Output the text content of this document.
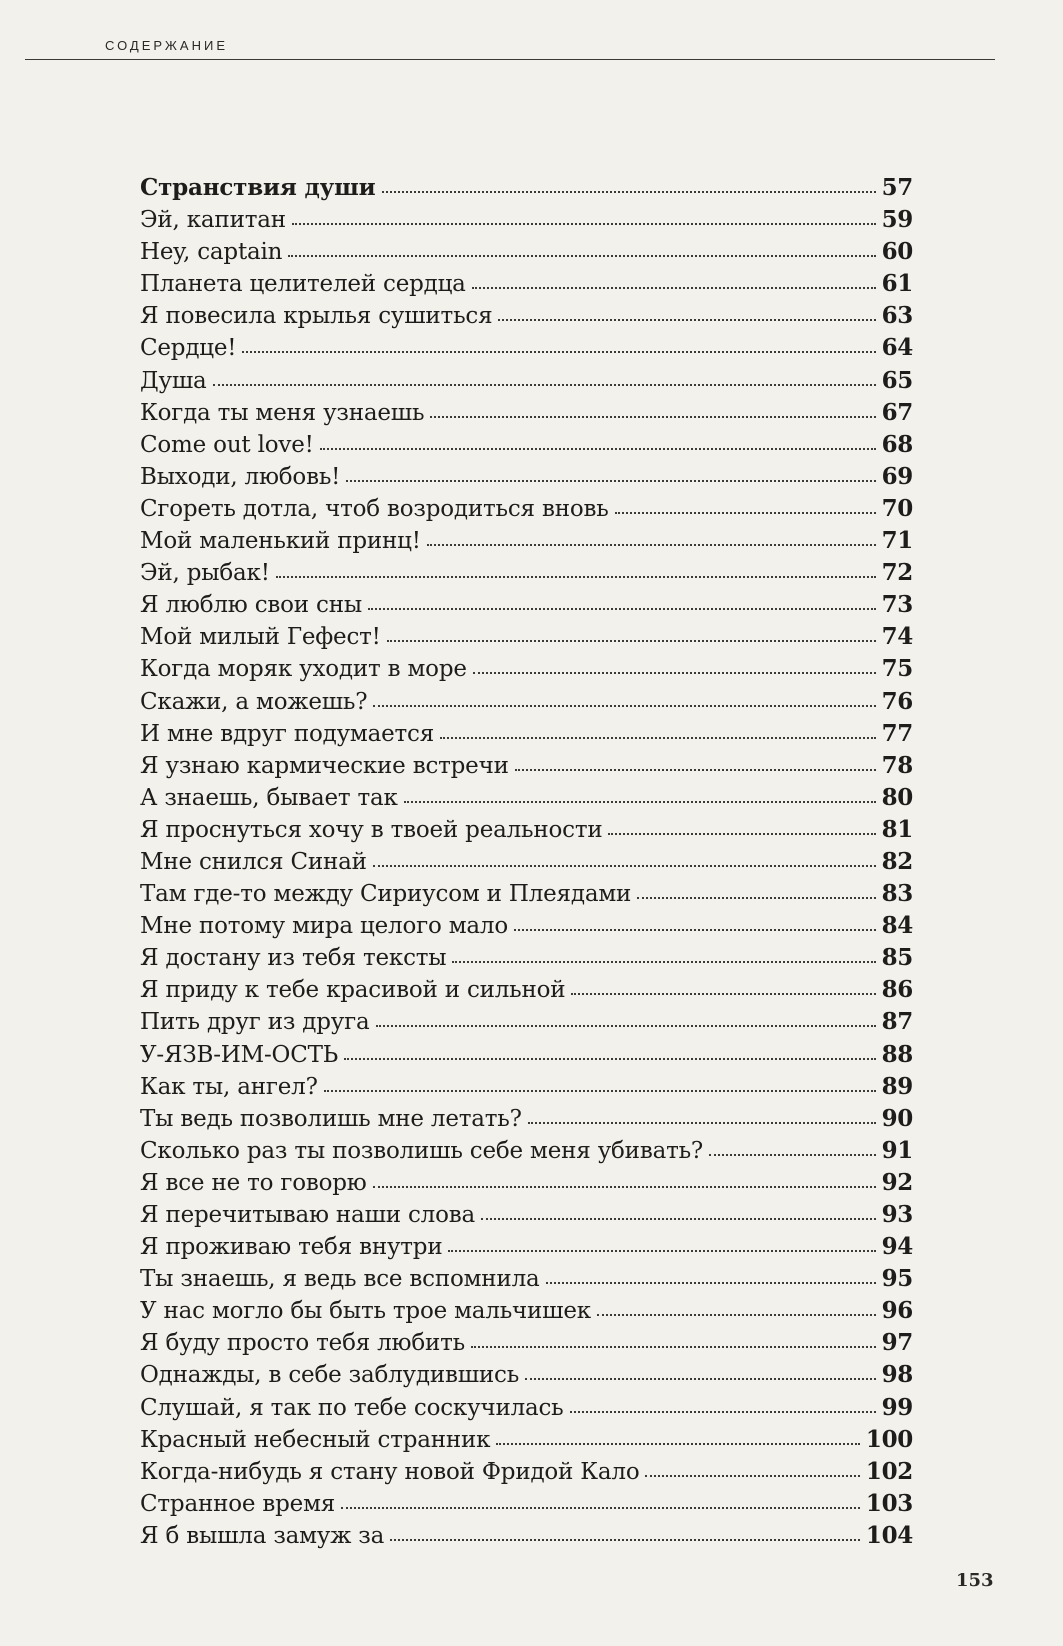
СОДЕРЖАНИЕ
Странствия души	57
Эй, капитан	59
Hey, captain	60
Планета целителей сердца	61
Я повесила крылья сушиться	63
Сердце!	64
Душа	65
Когда ты меня узнаешь	67
Come out love!	68
Выходи, любовь!	69
Сгореть дотла, чтоб возродиться вновь	70
Мой маленький принц!	71
Эй, рыбак!	72
Я люблю свои сны	73
Мой милый Гефест!	74
Когда моряк уходит в море	75
Скажи, а можешь?	76
И мне вдруг подумается	77
Я узнаю кармические встречи	78
А знаешь, бывает так	80
Я проснуться хочу в твоей реальности	81
Мне снился Синай	82
Там где-то между Сириусом и Плеядами	83
Мне потому мира целого мало	84
Я достану из тебя тексты	85
Я приду к тебе красивой и сильной	86
Пить друг из друга	87
У-ЯЗВ-ИМ-ОСТЬ	88
Как ты, ангел?	89
Ты ведь позволишь мне летать?	90
Сколько раз ты позволишь себе меня убивать?	91
Я все не то говорю	92
Я перечитываю наши слова	93
Я проживаю тебя внутри	94
Ты знаешь, я ведь все вспомнила	95
У нас могло бы быть трое мальчишек	96
Я буду просто тебя любить	97
Однажды, в себе заблудившись	98
Слушай, я так по тебе соскучилась	99
Красный небесный странник	100
Когда-нибудь я стану новой Фридой Кало	102
Странное время	103
Я б вышла замуж за	104
153
